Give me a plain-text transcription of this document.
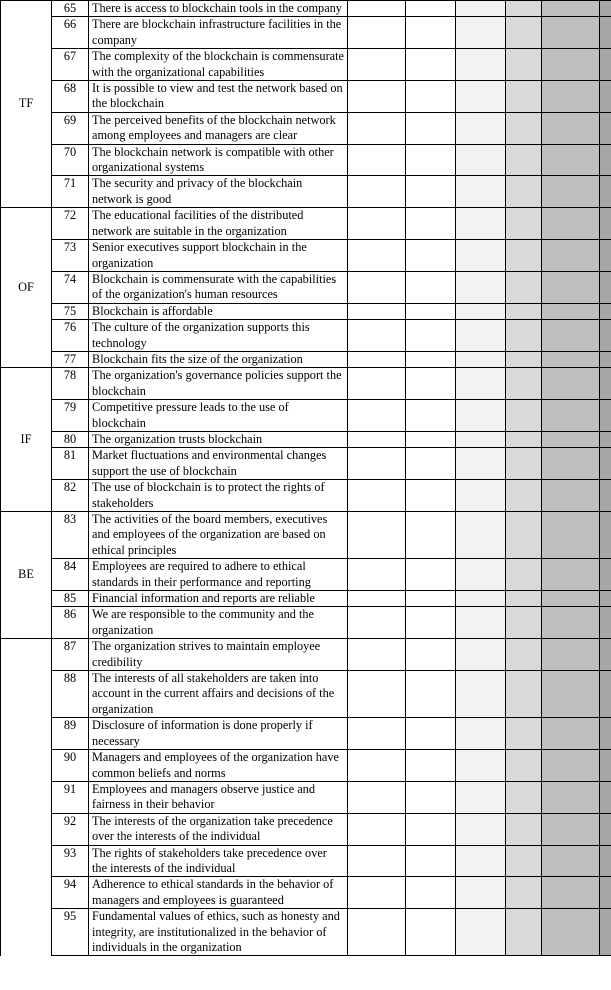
TF	65	There is access to blockchain tools in the company						
	66	There are blockchain infrastructure facilities in the company						
	67	The complexity of the blockchain is commensurate with the organizational capabilities						
	68	It is possible to view and test the network based on the blockchain						
	69	The perceived benefits of the blockchain network among employees and managers are clear						
	70	The blockchain network is compatible with other organizational systems						
	71	The security and privacy of the blockchain network is good						
OF	72	The educational facilities of the distributed network are suitable in the organization						
	73	Senior executives support blockchain in the organization						
	74	Blockchain is commensurate with the capabilities of the organization's human resources						
	75	Blockchain is affordable						
	76	The culture of the organization supports this technology						
	77	Blockchain fits the size of the organization						
IF	78	The organization's governance policies support the blockchain						
	79	Competitive pressure leads to the use of blockchain						
	80	The organization trusts blockchain						
	81	Market fluctuations and environmental changes support the use of blockchain						
	82	The use of blockchain is to protect the rights of stakeholders						
BE	83	The activities of the board members, executives and employees of the organization are based on ethical principles						
	84	Employees are required to adhere to ethical standards in their performance and reporting						
	85	Financial information and reports are reliable						
	86	We are responsible to the community and the organization						
	87	The organization strives to maintain employee credibility						
	88	The interests of all stakeholders are taken into account in the current affairs and decisions of the organization						
	89	Disclosure of information is done properly if necessary						
	90	Managers and employees of the organization have common beliefs and norms						
	91	Employees and managers observe justice and fairness in their behavior						
	92	The interests of the organization take precedence over the interests of the individual						
	93	The rights of stakeholders take precedence over the interests of the individual						
	94	Adherence to ethical standards in the behavior of managers and employees is guaranteed						
	95	Fundamental values of ethics, such as honesty and integrity, are institutionalized in the behavior of individuals in the organization						
